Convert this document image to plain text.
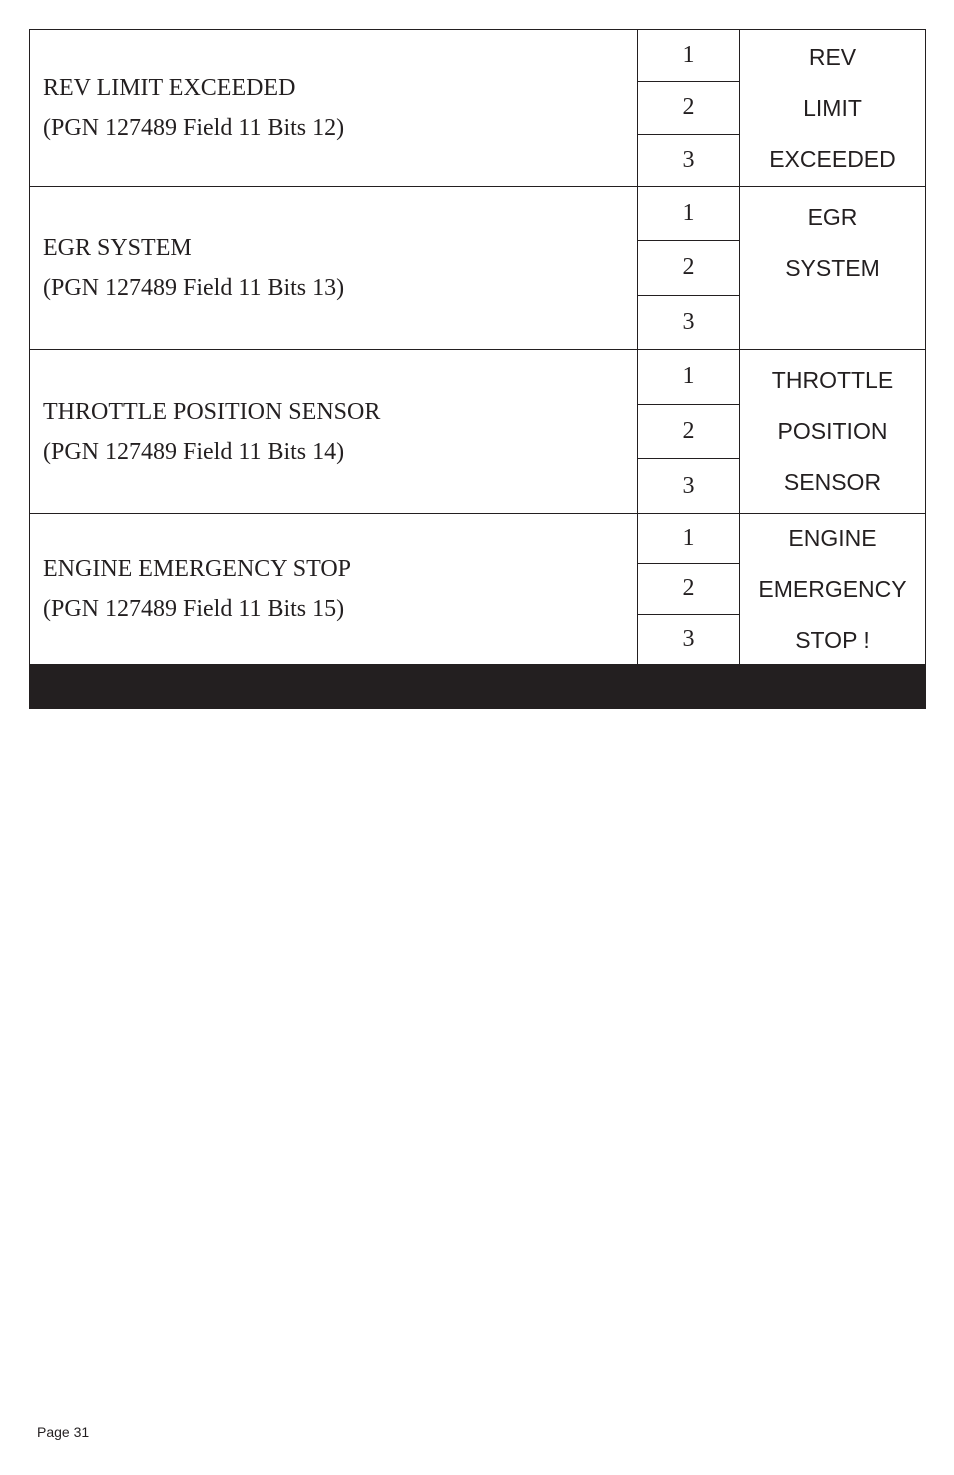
REV LIMIT EXCEEDED
(PGN 127489 Field 11 Bits 12)
1
2
3
REV
LIMIT
EXCEEDED
EGR SYSTEM
(PGN 127489 Field 11 Bits 13)
1
2
3
EGR
SYSTEM
THROTTLE POSITION SENSOR
(PGN 127489 Field 11 Bits 14)
1
2
3
THROTTLE
POSITION
SENSOR
ENGINE EMERGENCY STOP
(PGN 127489 Field 11 Bits 15)
1
2
3
ENGINE
EMERGENCY
STOP !
Page 31
